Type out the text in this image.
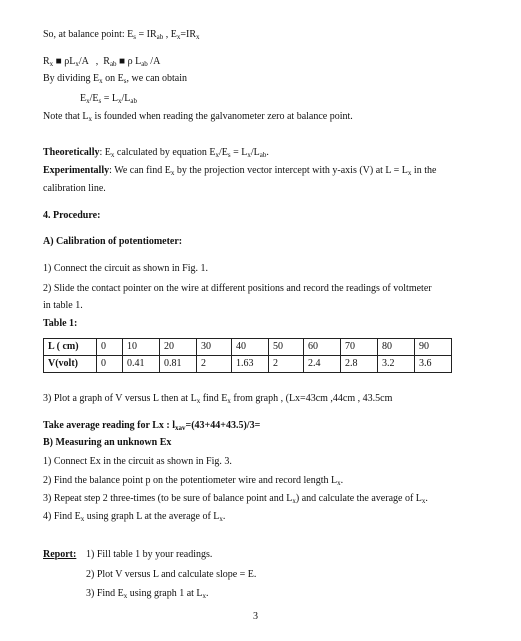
So, at balance point: $E_s = IR_{ab}$ , $E_x=IR_x$
$R_x$ ■ $\rho L_x/A$   ,  $R_{ab}$ ■ ρ $L_{ab}$ /A
By dividing $E_x$ on $E_s$, we can obtain
$E_x/E_s = L_x/L_{ab}$
Note that $L_x$ is founded when reading the galvanometer zero at balance point.
Theoretically: $E_x$ calculated by equation $E_x/E_s = L_x/L_{ab}$.
Experimentally: We can find $E_x$ by the projection vector intercept with y-axis (V) at $L = L_x$ in the
calibration line.
4. Procedure:
A) Calibration of potentiometer:
1) Connect the circuit as shown in Fig. 1.
2) Slide the contact pointer on the wire at different positions and record the readings of voltmeter
in table 1.
Table 1:
L ( cm)	0	10	20	30	40	50	60	70	80	90
V(volt)	0	0.41	0.81	2	1.63	2	2.4	2.8	3.2	3.6
3) Plot a graph of V versus L then at $L_x$ find $E_x$ from graph , (Lx=43cm ,44cm , 43.5cm
Take average reading for Lx : $l_{xav}=(43+44+43.5)/3=$
B) Measuring an unknown Ex
1) Connect Ex in the circuit as shown in Fig. 3.
2) Find the balance point p on the potentiometer wire and record length $L_x$.
3) Repeat step 2 three-times (to be sure of balance point and $L_x$) and calculate the average of $L_x$.
4) Find $E_x$ using graph L at the average of $L_x$.
Report: 1) Fill table 1 by your readings.
2) Plot V versus L and calculate slope = E.
3) Find $E_x$ using graph 1 at $L_x$.
3
